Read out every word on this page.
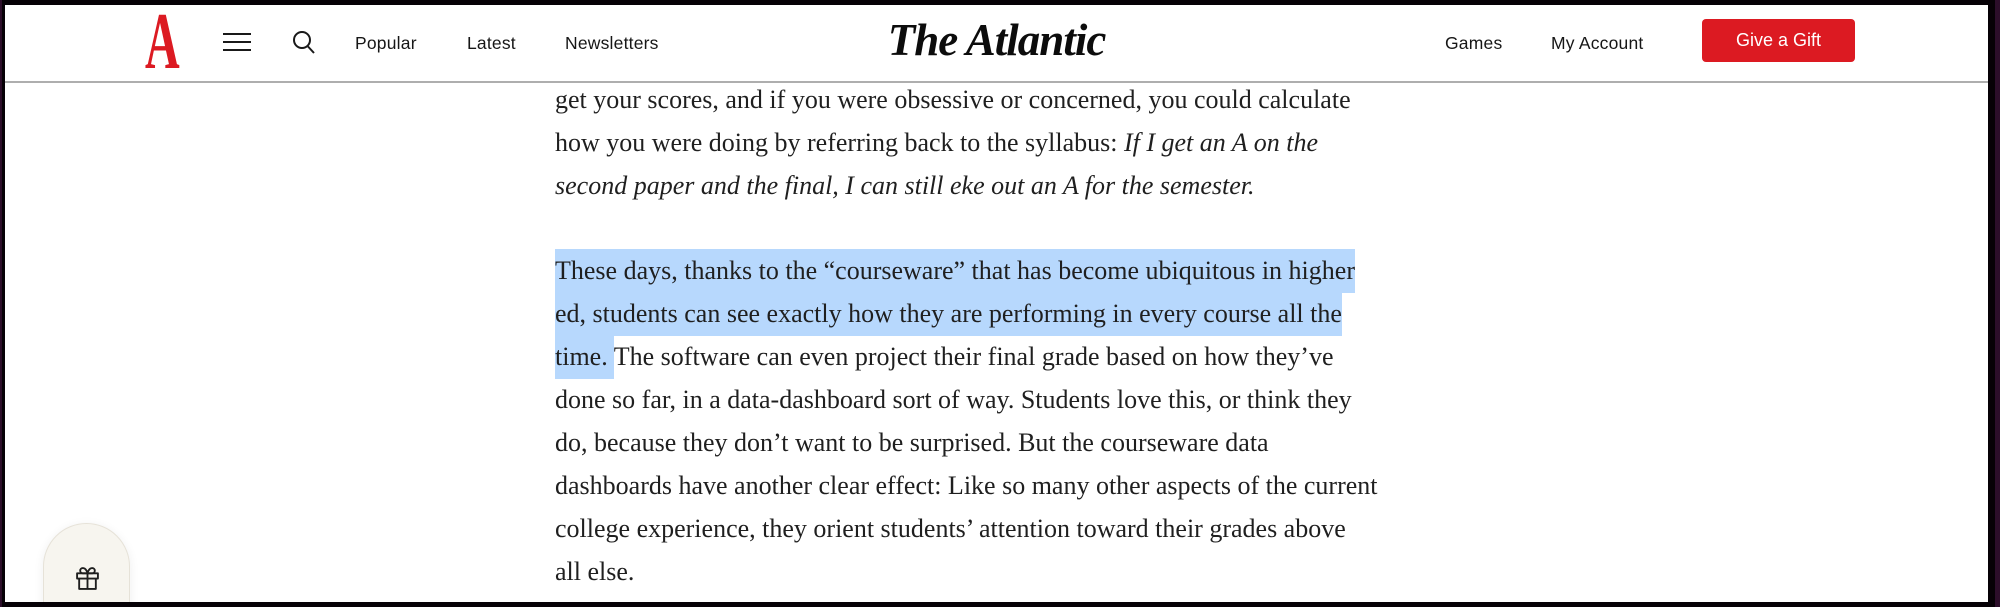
A	Popular	Latest	Newsletters	The Atlantic	Games	My Account	Give a Gift
get your scores, and if you were obsessive or concerned, you could calculate
how you were doing by referring back to the syllabus: If I get an A on the
second paper and the final, I can still eke out an A for the semester.
These days, thanks to the “courseware” that has become ubiquitous in higher
ed, students can see exactly how they are performing in every course all the
time. The software can even project their final grade based on how they’ve
done so far, in a data-dashboard sort of way. Students love this, or think they
do, because they don’t want to be surprised. But the courseware data
dashboards have another clear effect: Like so many other aspects of the current
college experience, they orient students’ attention toward their grades above
all else.
